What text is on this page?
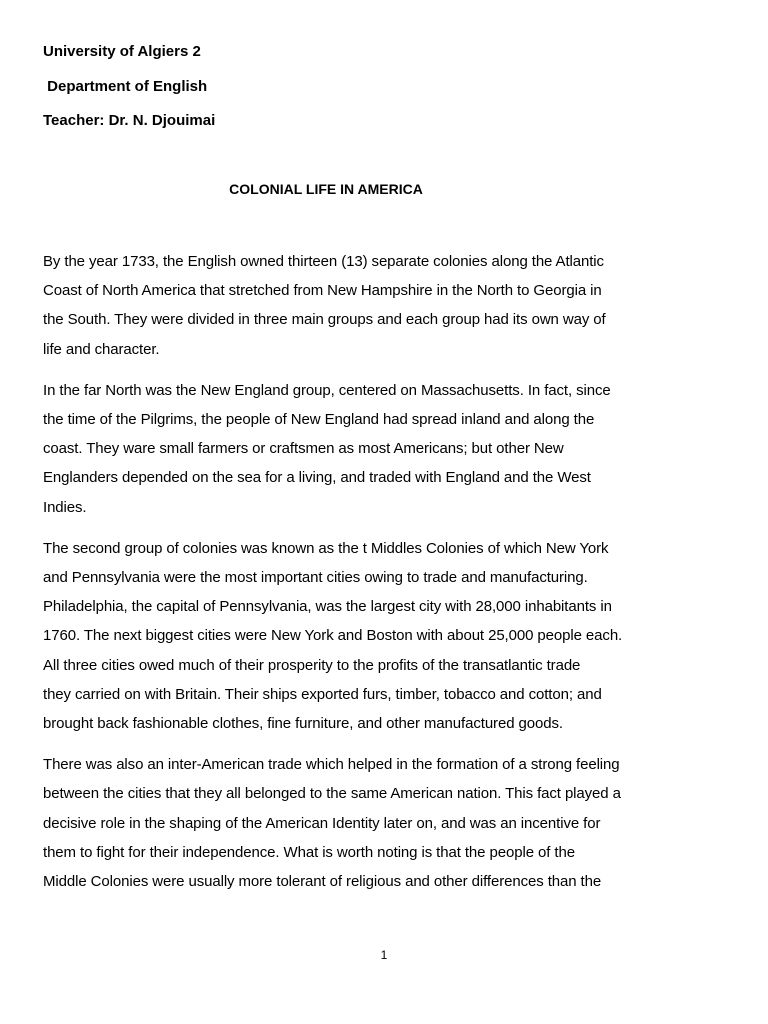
University of Algiers 2
Department of English
Teacher: Dr. N. Djouimai
COLONIAL LIFE IN AMERICA

By the year 1733, the English owned thirteen (13) separate colonies along the Atlantic
Coast of North America that stretched from New Hampshire in the North to Georgia in
the South. They were divided in three main groups and each group had its own way of
life and character.

In the far North was the New England group, centered on Massachusetts. In fact, since
the time of the Pilgrims, the people of New England had spread inland and along the
coast. They ware small farmers or craftsmen as most Americans; but other New
Englanders depended on the sea for a living, and traded with England and the West
Indies.

The second group of colonies was known as the t Middles Colonies of which New York
and Pennsylvania were the most important cities owing to trade and manufacturing.
Philadelphia, the capital of Pennsylvania, was the largest city with 28,000 inhabitants in
1760. The next biggest cities were New York and Boston with about 25,000 people each.
All three cities owed much of their prosperity to the profits of the transatlantic trade
they carried on with Britain. Their ships exported furs, timber, tobacco and cotton; and
brought back fashionable clothes, fine furniture, and other manufactured goods.

There was also an inter-American trade which helped in the formation of a strong feeling
between the cities that they all belonged to the same American nation. This fact played a
decisive role in the shaping of the American Identity later on, and was an incentive for
them to fight for their independence. What is worth noting is that the people of the
Middle Colonies were usually more tolerant of religious and other differences than the

1
